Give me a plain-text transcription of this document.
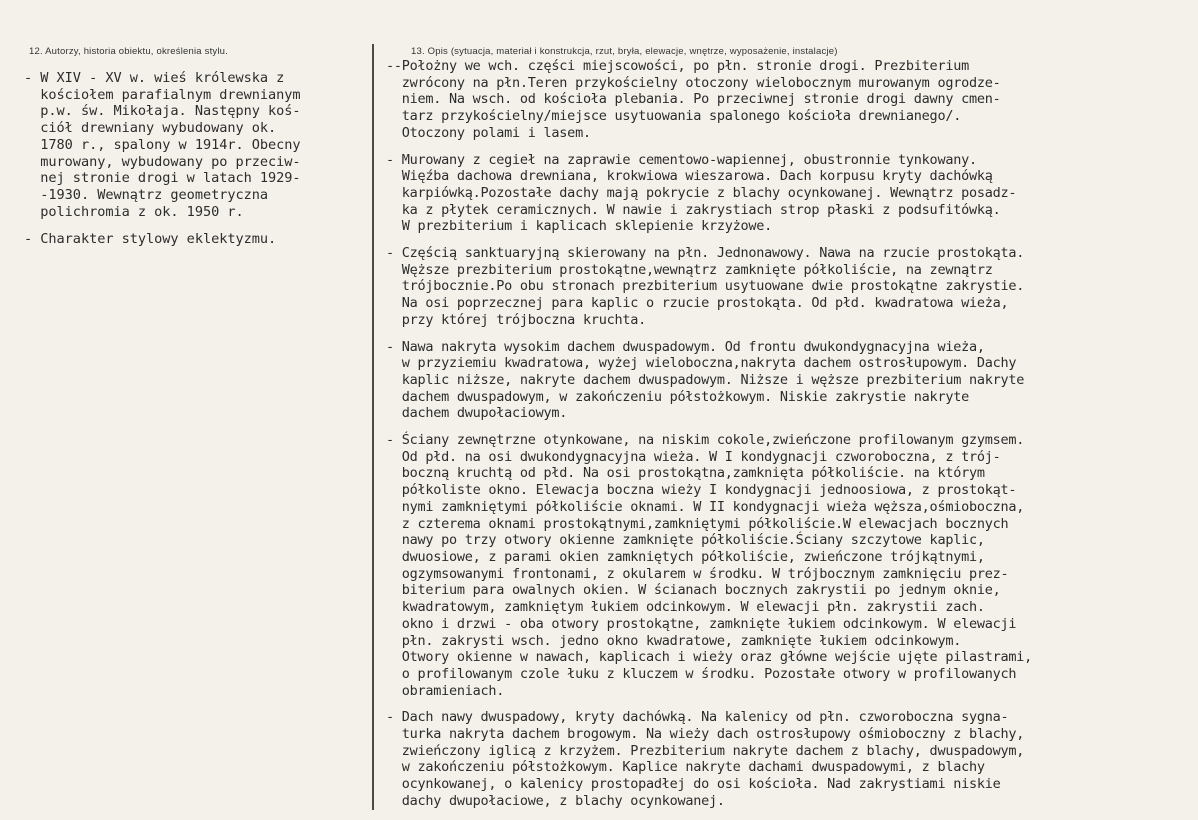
12. Autorzy, historia obiektu, określenia stylu.	13. Opis (sytuacja, materiał i konstrukcja, rzut, bryła, elewacje, wnętrze, wyposażenie, instalacje)
- W XIV - XV w. wieś królewska z
kościołem parafialnym drewnianym
p.w. św. Mikołaja. Następny koś-
ciół drewniany wybudowany ok.
1780 r., spalony w 1914r. Obecny
murowany, wybudowany po przeciw-
nej stronie drogi w latach 1929-
-1930. Wewnątrz geometryczna
polichromia z ok. 1950 r.
- Charakter stylowy eklektyzmu.
--Położny we wch. części miejscowości, po płn. stronie drogi. Prezbiterium
zwrócony na płn.Teren przykościelny otoczony wielobocznym murowanym ogrodze-
niem. Na wsch. od kościoła plebania. Po przeciwnej stronie drogi dawny cmen-
tarz przykościelny/miejsce usytuowania spalonego kościoła drewnianego/.
Otoczony polami i lasem.
- Murowany z cegieł na zaprawie cementowo-wapiennej, obustronnie tynkowany.
Więźba dachowa drewniana, krokwiowa wieszarowa. Dach korpusu kryty dachówką
karpiówką.Pozostałe dachy mają pokrycie z blachy ocynkowanej. Wewnątrz posadz-
ka z płytek ceramicznych. W nawie i zakrystiach strop płaski z podsufitówką.
W prezbiterium i kaplicach sklepienie krzyżowe.
- Częścią sanktuaryjną skierowany na płn. Jednonawowy. Nawa na rzucie prostokąta.
Węższe prezbiterium prostokątne,wewnątrz zamknięte półkoliście, na zewnątrz
trójbocznie.Po obu stronach prezbiterium usytuowane dwie prostokątne zakrystie.
Na osi poprzecznej para kaplic o rzucie prostokąta. Od płd. kwadratowa wieża,
przy której trójboczna kruchta.
- Nawa nakryta wysokim dachem dwuspadowym. Od frontu dwukondygnacyjna wieża,
w przyziemiu kwadratowa, wyżej wieloboczna,nakryta dachem ostrosłupowym. Dachy
kaplic niższe, nakryte dachem dwuspadowym. Niższe i węższe prezbiterium nakryte
dachem dwuspadowym, w zakończeniu półstożkowym. Niskie zakrystie nakryte
dachem dwupołaciowym.
- Ściany zewnętrzne otynkowane, na niskim cokole,zwieńczone profilowanym gzymsem.
Od płd. na osi dwukondygnacyjna wieża. W I kondygnacji czworoboczna, z trój-
boczną kruchtą od płd. Na osi prostokątna,zamknięta półkoliście. na którym
półkoliste okno. Elewacja boczna wieży I kondygnacji jednoosiowa, z prostokąt-
nymi zamkniętymi półkoliście oknami. W II kondygnacji wieża węższa,ośmioboczna,
z czterema oknami prostokątnymi,zamkniętymi półkoliście.W elewacjach bocznych
nawy po trzy otwory okienne zamknięte półkoliście.Ściany szczytowe kaplic,
dwuosiowe, z parami okien zamkniętych półkoliście, zwieńczone trójkątnymi,
ogzymsowanymi frontonami, z okularem w środku. W trójbocznym zamknięciu prez-
biterium para owalnych okien. W ścianach bocznych zakrystii po jednym oknie,
kwadratowym, zamkniętym łukiem odcinkowym. W elewacji płn. zakrystii zach.
okno i drzwi - oba otwory prostokątne, zamknięte łukiem odcinkowym. W elewacji
płn. zakrysti wsch. jedno okno kwadratowe, zamknięte łukiem odcinkowym.
Otwory okienne w nawach, kaplicach i wieży oraz główne wejście ujęte pilastrami,
o profilowanym czole łuku z kluczem w środku. Pozostałe otwory w profilowanych
obramieniach.
- Dach nawy dwuspadowy, kryty dachówką. Na kalenicy od płn. czworoboczna sygna-
turka nakryta dachem brogowym. Na wieży dach ostrosłupowy ośmioboczny z blachy,
zwieńczony iglicą z krzyżem. Prezbiterium nakryte dachem z blachy, dwuspadowym,
w zakończeniu półstożkowym. Kaplice nakryte dachami dwuspadowymi, z blachy
ocynkowanej, o kalenicy prostopadłej do osi kościoła. Nad zakrystiami niskie
dachy dwupołaciowe, z blachy ocynkowanej.
